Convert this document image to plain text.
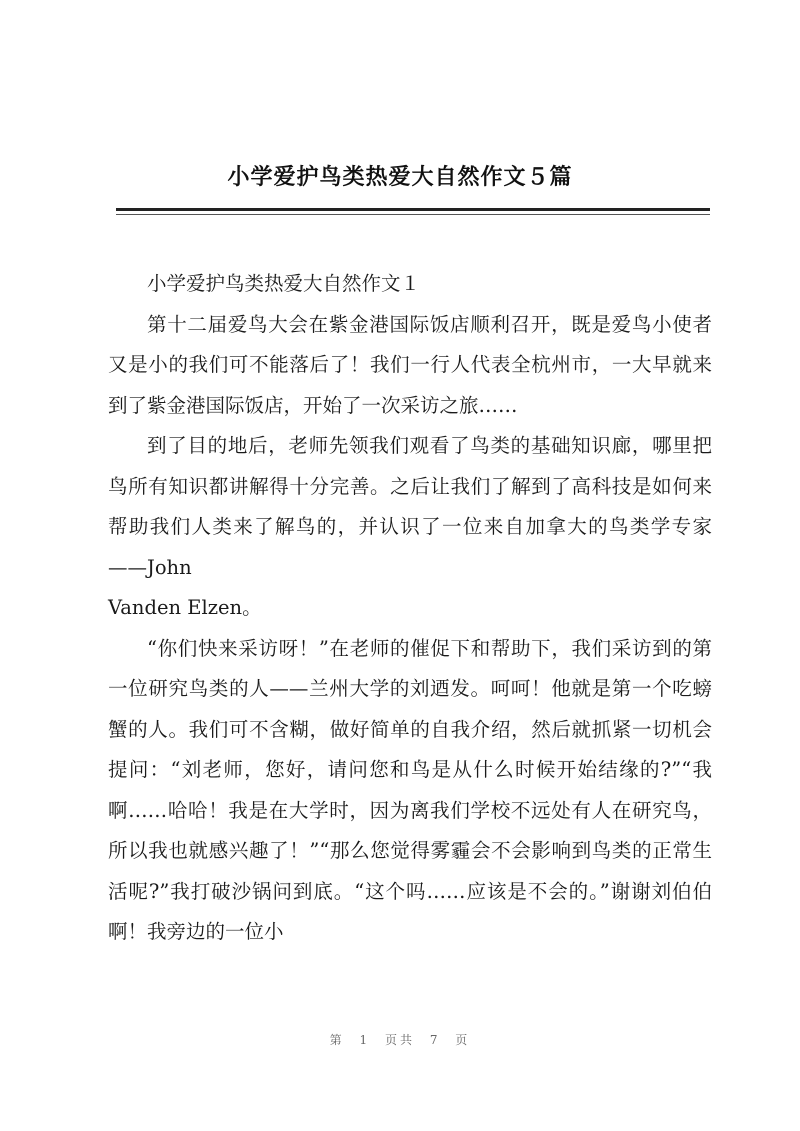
小学爱护鸟类热爱大自然作文５篇

小学爱护鸟类热爱大自然作文１

第十二届爱鸟大会在紫金港国际饭店顺利召开，既是爱鸟小使者又是小的我们可不能落后了！我们一行人代表全杭州市，一大早就来到了紫金港国际饭店，开始了一次采访之旅……

到了目的地后，老师先领我们观看了鸟类的基础知识廊，哪里把鸟所有知识都讲解得十分完善。之后让我们了解到了高科技是如何来帮助我们人类来了解鸟的，并认识了一位来自加拿大的鸟类学专家——John

Vanden Elzen。

“你们快来采访呀！”在老师的催促下和帮助下，我们采访到的第一位研究鸟类的人——兰州大学的刘迺发。呵呵！他就是第一个吃螃蟹的人。我们可不含糊，做好简单的自我介绍，然后就抓紧一切机会提问：“刘老师，您好，请问您和鸟是从什么时候开始结缘的?”“我啊……哈哈！我是在大学时，因为离我们学校不远处有人在研究鸟，所以我也就感兴趣了！”“那么您觉得雾霾会不会影响到鸟类的正常生活呢?”我打破沙锅问到底。“这个吗……应该是不会的。”谢谢刘伯伯啊！我旁边的一位小

第 1 页共 7 页
